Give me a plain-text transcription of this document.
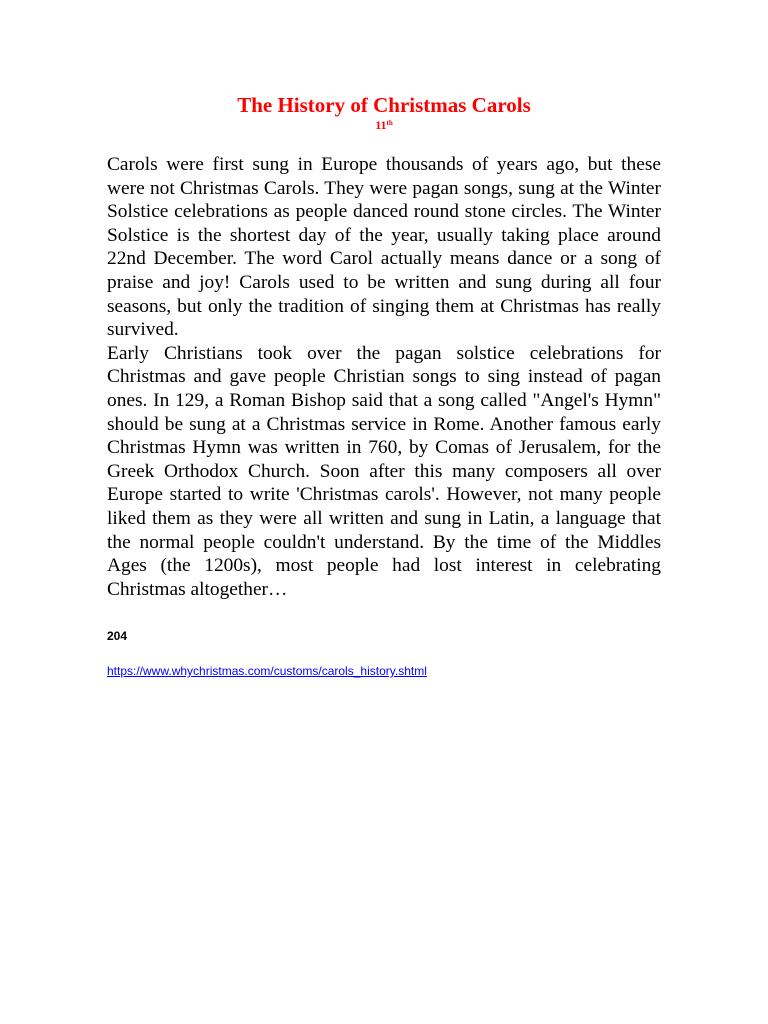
The History of Christmas Carols
11th

Carols were first sung in Europe thousands of years ago, but these were not Christmas Carols. They were pagan songs, sung at the Winter Solstice celebrations as people danced round stone circles. The Winter Solstice is the shortest day of the year, usually taking place around 22nd December. The word Carol actually means dance or a song of praise and joy! Carols used to be written and sung during all four seasons, but only the tradition of singing them at Christmas has really survived.

Early Christians took over the pagan solstice celebrations for Christmas and gave people Christian songs to sing instead of pagan ones. In 129, a Roman Bishop said that a song called "Angel's Hymn" should be sung at a Christmas service in Rome. Another famous early Christmas Hymn was written in 760, by Comas of Jerusalem, for the Greek Orthodox Church. Soon after this many composers all over Europe started to write 'Christmas carols'. However, not many people liked them as they were all written and sung in Latin, a language that the normal people couldn't understand. By the time of the Middles Ages (the 1200s), most people had lost interest in celebrating Christmas altogether…

204
https://www.whychristmas.com/customs/carols_history.shtml
